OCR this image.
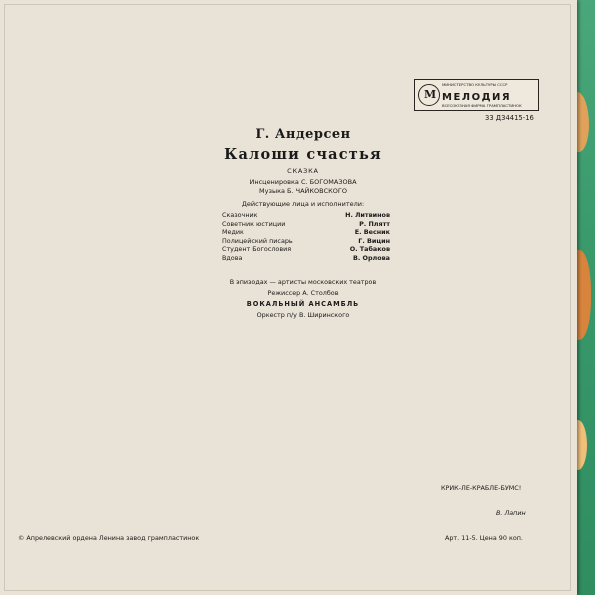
М
МИНИСТЕРСТВО КУЛЬТУРЫ СССР
МЕЛОДИЯ
ВСЕСОЮЗНАЯ ФИРМА ГРАМПЛАСТИНОК
33 Д34415-16
Г. Андерсен
Калоши счастья
СКАЗКА
Инсценировка С. БОГОМАЗОВА
Музыка Б. ЧАЙКОВСКОГО
Действующие лица и исполнители:
Сказочник	Н. Литвинов
Советник юстиции	Р. Плятт
Медик	Е. Весник
Полицейский писарь	Г. Вицин
Студент Богословия	О. Табаков
Вдова	В. Орлова
В эпизодах — артисты московских театров
Режиссер А. Столбов
ВОКАЛЬНЫЙ АНСАМБЛЬ
Оркестр п/у В. Ширинского
КРИК-ЛЕ-КРАБЛЕ-БУМС!
В. Лапин
© Апрелевский ордена Ленина завод грампластинок	Арт. 11-5. Цена 90 коп.
